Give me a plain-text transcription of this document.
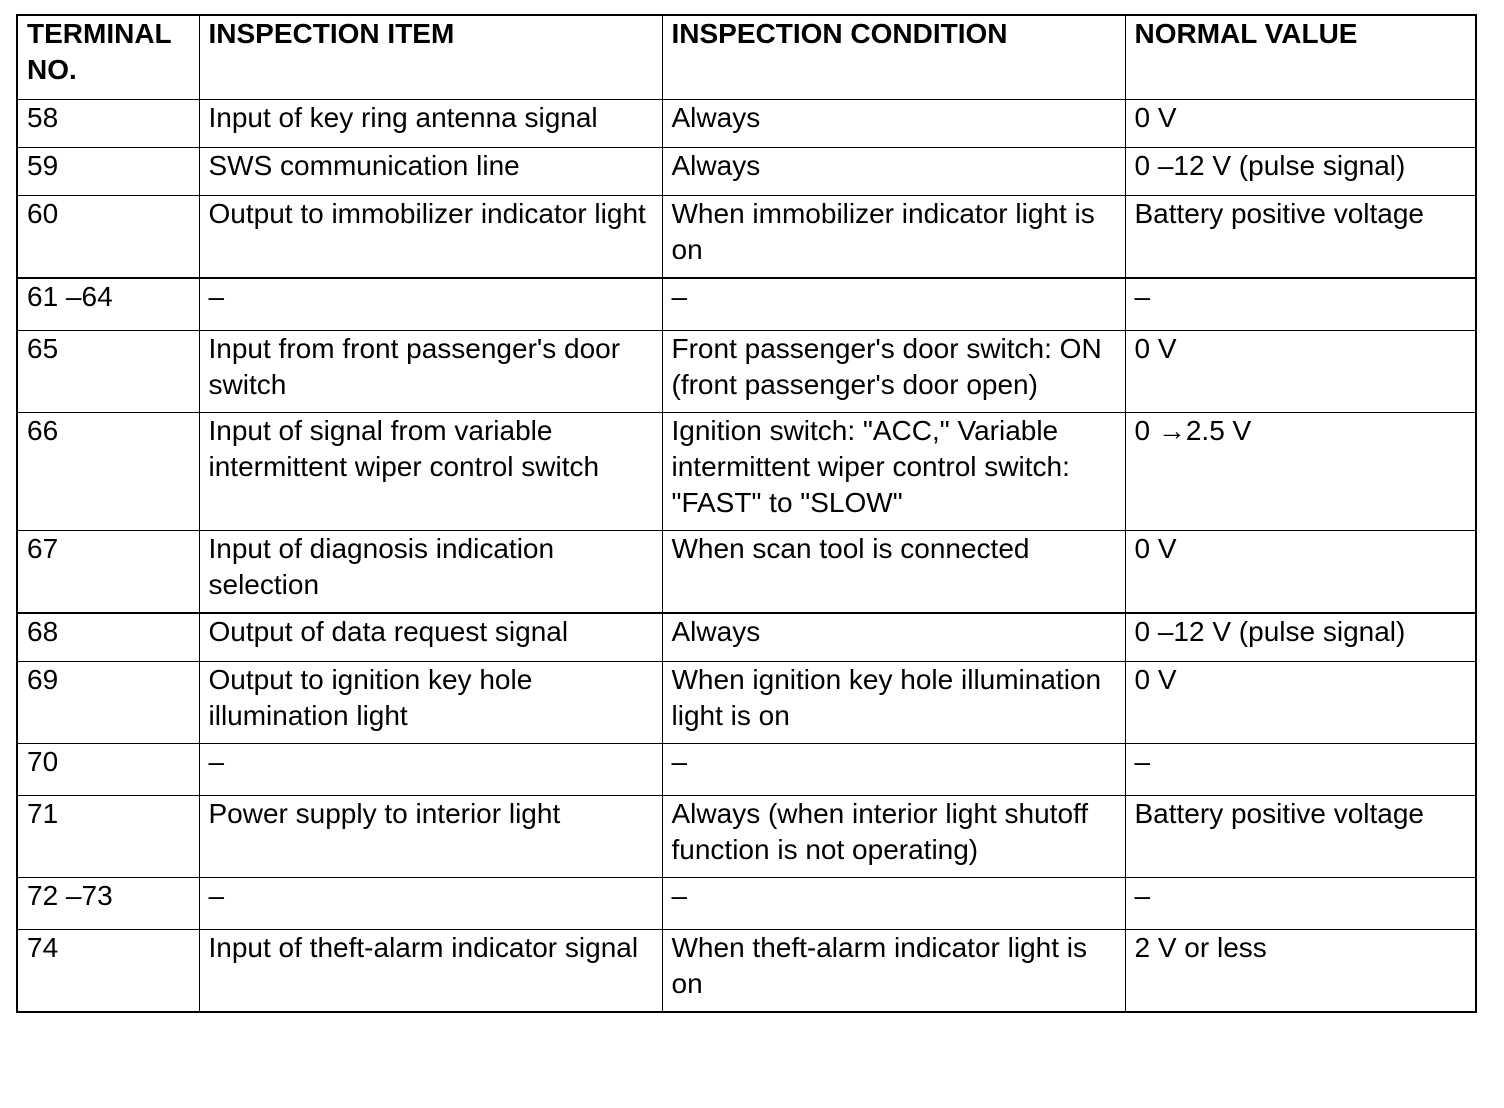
TERMINAL NO.	INSPECTION ITEM	INSPECTION CONDITION	NORMAL VALUE
58	Input of key ring antenna signal	Always	0 V
59	SWS communication line	Always	0 –12 V (pulse signal)
60	Output to immobilizer indicator light	When immobilizer indicator light is on	Battery positive voltage
61 –64	–	–	–
65	Input from front passenger's door switch	Front passenger's door switch: ON (front passenger's door open)	0 V
66	Input of signal from variable intermittent wiper control switch	Ignition switch: "ACC," Variable intermittent wiper control switch: "FAST" to "SLOW"	0 →2.5 V
67	Input of diagnosis indication selection	When scan tool is connected	0 V
68	Output of data request signal	Always	0 –12 V (pulse signal)
69	Output to ignition key hole illumination light	When ignition key hole illumination light is on	0 V
70	–	–	–
71	Power supply to interior light	Always (when interior light shutoff function is not operating)	Battery positive voltage
72 –73	–	–	–
74	Input of theft-alarm indicator signal	When theft-alarm indicator light is on	2 V or less
